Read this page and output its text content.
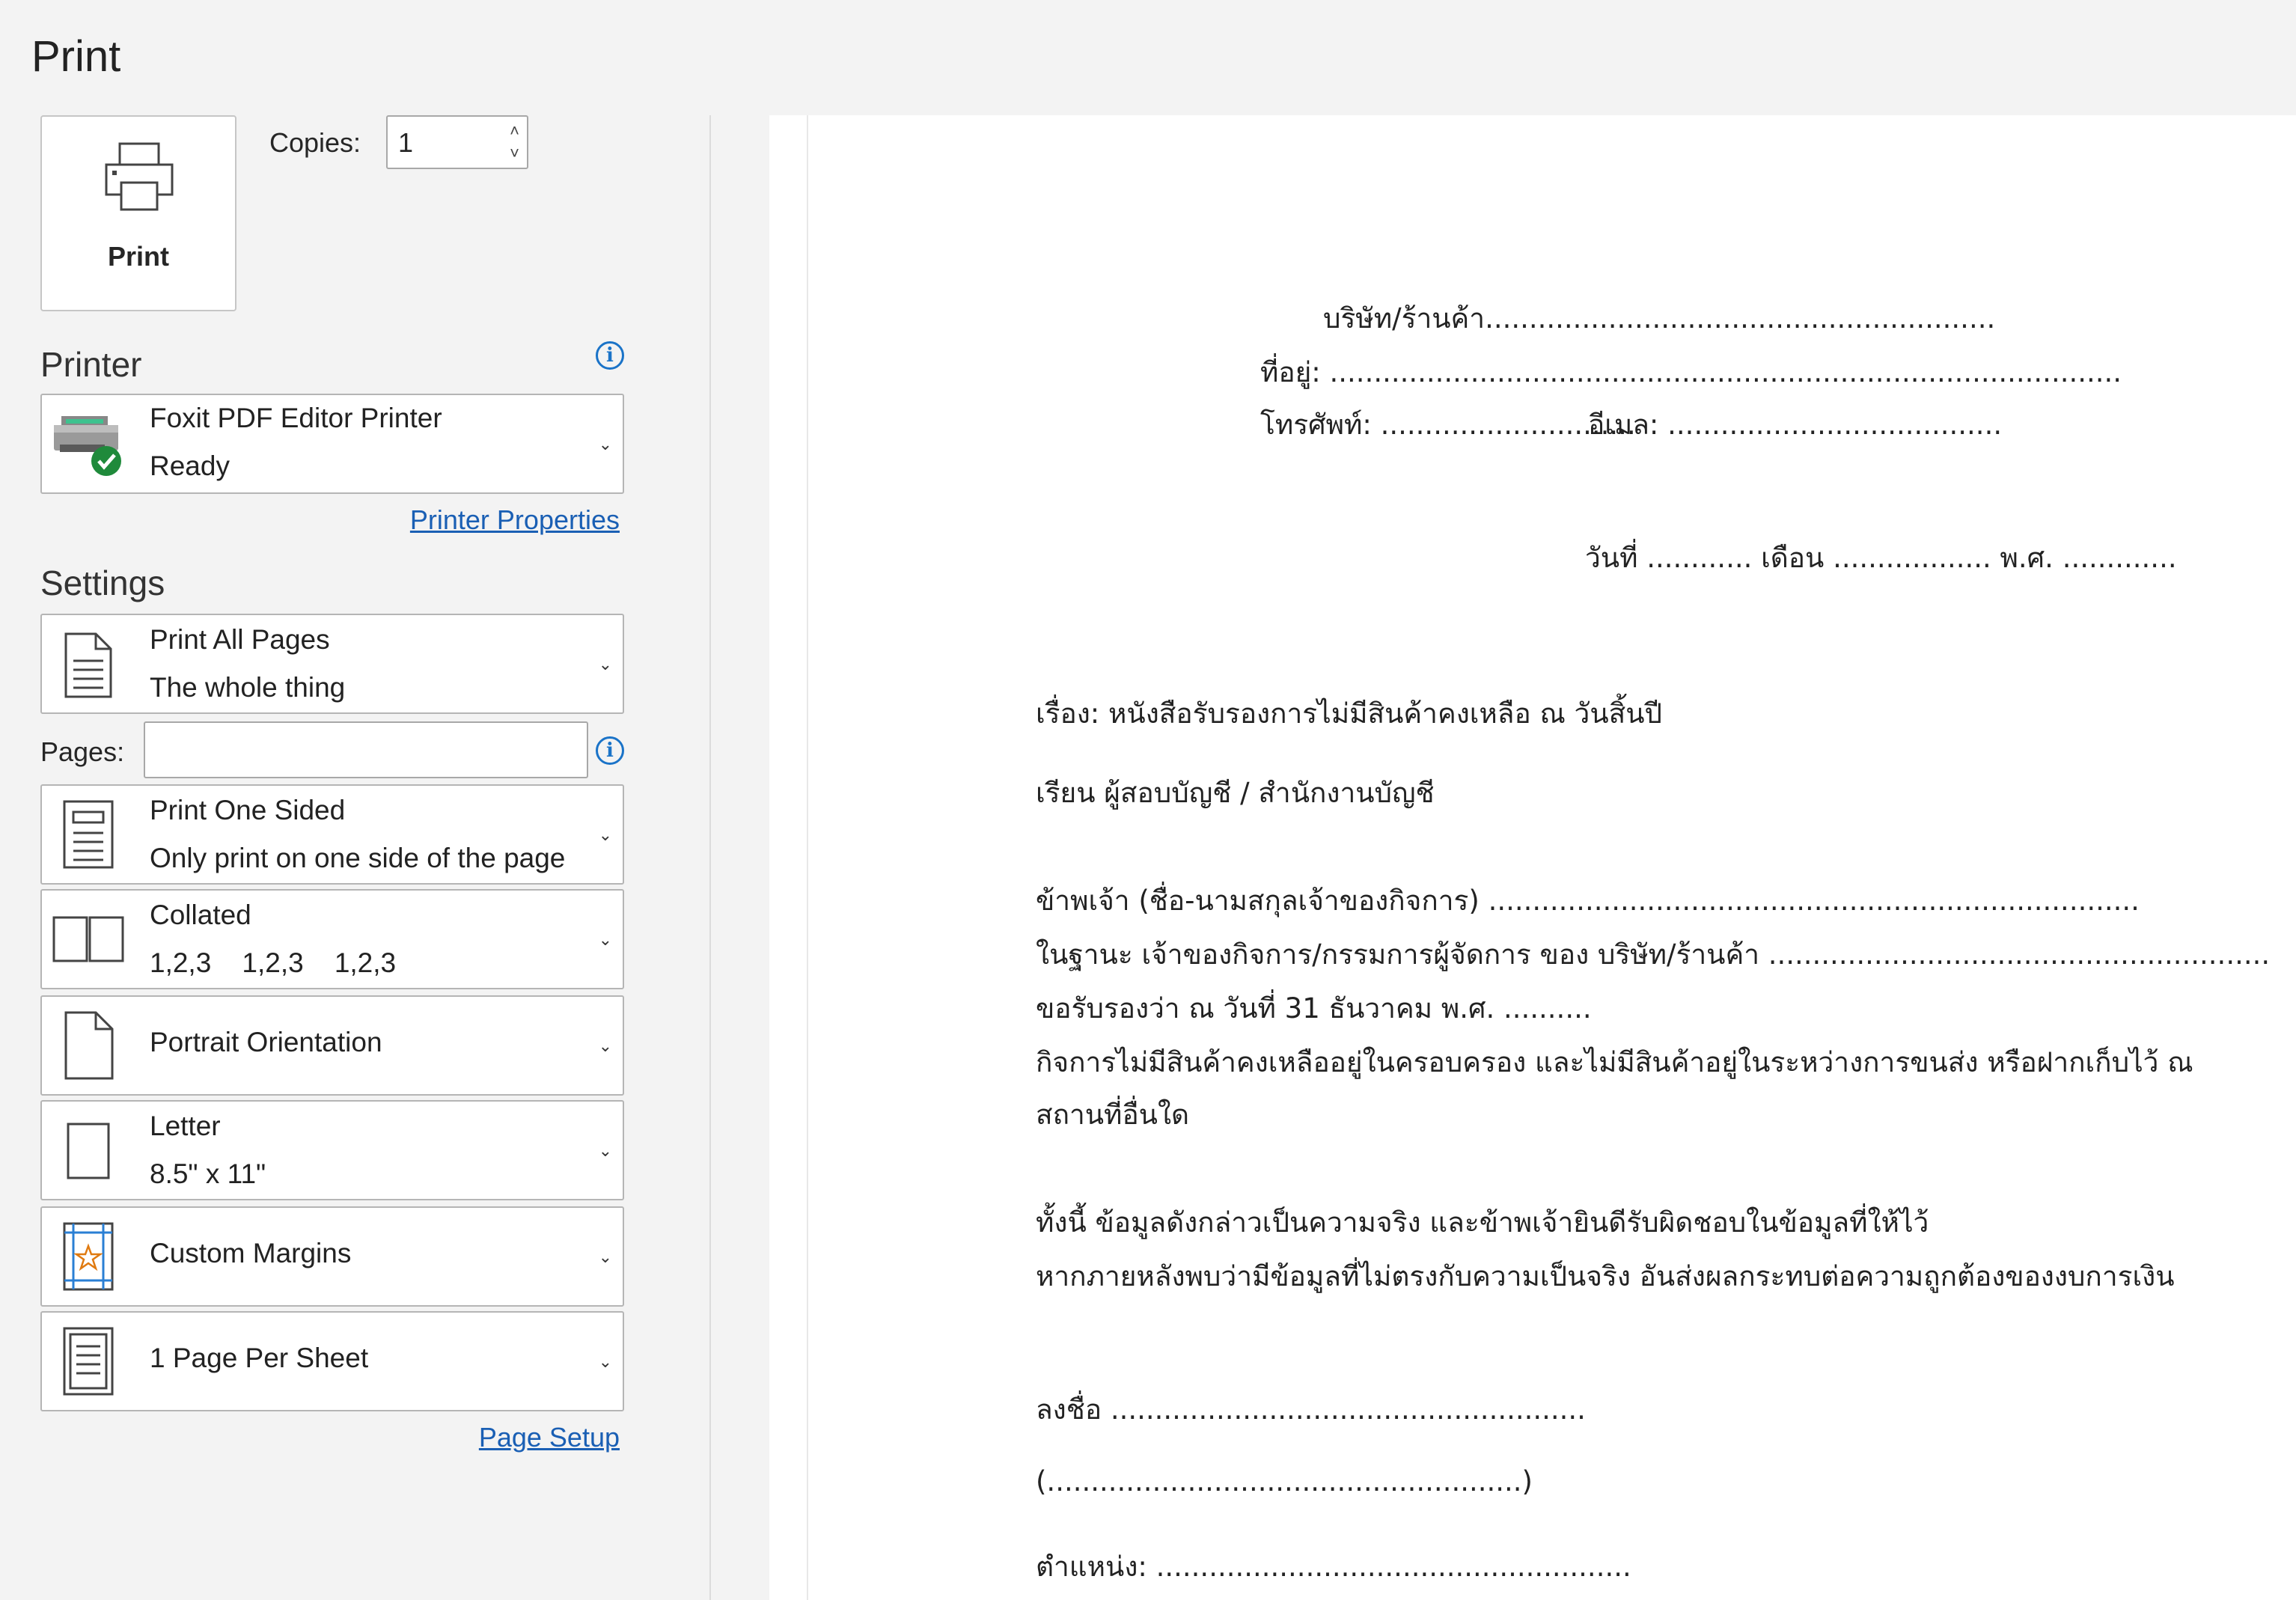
Print
Print
Copies: 1	˄
˅
Printer	i
Foxit PDF Editor Printer
Ready
⌄
Printer Properties
Settings
Print All Pages
The whole thing
⌄
Pages:	i
Print One Sided
Only print on one side of the page
⌄
Collated
1,2,3    1,2,3    1,2,3
⌄
Portrait Orientation	⌄
Letter
8.5" x 11"
⌄
Custom Margins	⌄
1 Page Per Sheet	⌄
Page Setup
บริษัท/ร้านค้า..........................................................
ที่อยู่: ..........................................................................................
โทรศัพท์: .............................
อีเมล: ......................................
วันที่ ............ เดือน .................. พ.ศ. .............
เรื่อง: หนังสือรับรองการไม่มีสินค้าคงเหลือ ณ วันสิ้นปี
เรียน ผู้สอบบัญชี / สำนักงานบัญชี
ข้าพเจ้า (ชื่อ-นามสกุลเจ้าของกิจการ) ..........................................................................
ในฐานะ เจ้าของกิจการ/กรรมการผู้จัดการ ของ บริษัท/ร้านค้า .........................................................
ขอรับรองว่า ณ วันที่ 31 ธันวาคม พ.ศ. ..........
กิจการไม่มีสินค้าคงเหลืออยู่ในครอบครอง และไม่มีสินค้าอยู่ในระหว่างการขนส่ง หรือฝากเก็บไว้ ณ
สถานที่อื่นใด
ทั้งนี้ ข้อมูลดังกล่าวเป็นความจริง และข้าพเจ้ายินดีรับผิดชอบในข้อมูลที่ให้ไว้
หากภายหลังพบว่ามีข้อมูลที่ไม่ตรงกับความเป็นจริง อันส่งผลกระทบต่อความถูกต้องของงบการเงิน
ลงชื่อ ......................................................
(......................................................)
ตำแหน่ง: ......................................................
